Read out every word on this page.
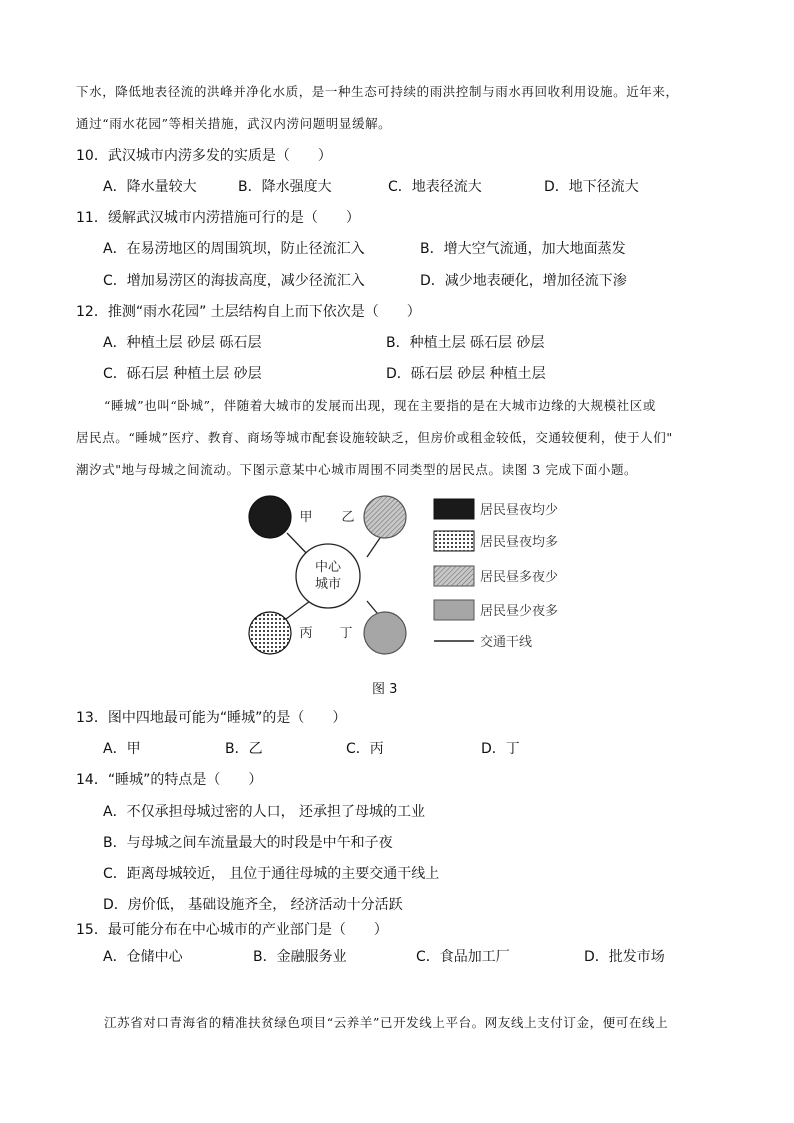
下水，降低地表径流的洪峰并净化水质，是一种生态可持续的雨洪控制与雨水再回收利用设施。近年来，
通过“雨水花园”等相关措施，武汉内涝问题明显缓解。
10．武汉城市内涝多发的实质是（　　）
A．降水量较大	B．降水强度大	C．地表径流大	D．地下径流大
11．缓解武汉城市内涝措施可行的是（　　）
A．在易涝地区的周围筑坝，防止径流汇入	B．增大空气流通，加大地面蒸发
C．增加易涝区的海拔高度，减少径流汇入	D．减少地表硬化，增加径流下渗
12．推测“雨水花园” 土层结构自上而下依次是（　　）
A．种植土层 砂层 砾石层	B．种植土层 砾石层 砂层
C．砾石层 种植土层 砂层	D．砾石层 砂层 种植土层
“睡城”也叫“卧城”，伴随着大城市的发展而出现，现在主要指的是在大城市边缘的大规模社区或
居民点。“睡城”医疗、教育、商场等城市配套设施较缺乏，但房价或租金较低，交通较便利，使于人们"
潮汐式"地与母城之间流动。下图示意某中心城市周围不同类型的居民点。读图 3 完成下面小题。
中心
城市
甲 乙
丙 丁
居民昼夜均少
居民昼夜均多
居民昼多夜少
居民昼少夜多
交通干线
图 3
13．图中四地最可能为“睡城”的是（　　）
A．甲	B．乙	C．丙	D．丁
14．“睡城”的特点是（　　）
A．不仅承担母城过密的人口， 还承担了母城的工业
B．与母城之间车流量最大的时段是中午和子夜
C．距离母城较近， 且位于通往母城的主要交通干线上
D．房价低， 基础设施齐全， 经济活动十分活跃
15．最可能分布在中心城市的产业部门是（　　）
A．仓储中心	B．金融服务业	C．食品加工厂	D．批发市场
江苏省对口青海省的精准扶贫绿色项目“云养羊”已开发线上平台。网友线上支付订金，便可在线上
